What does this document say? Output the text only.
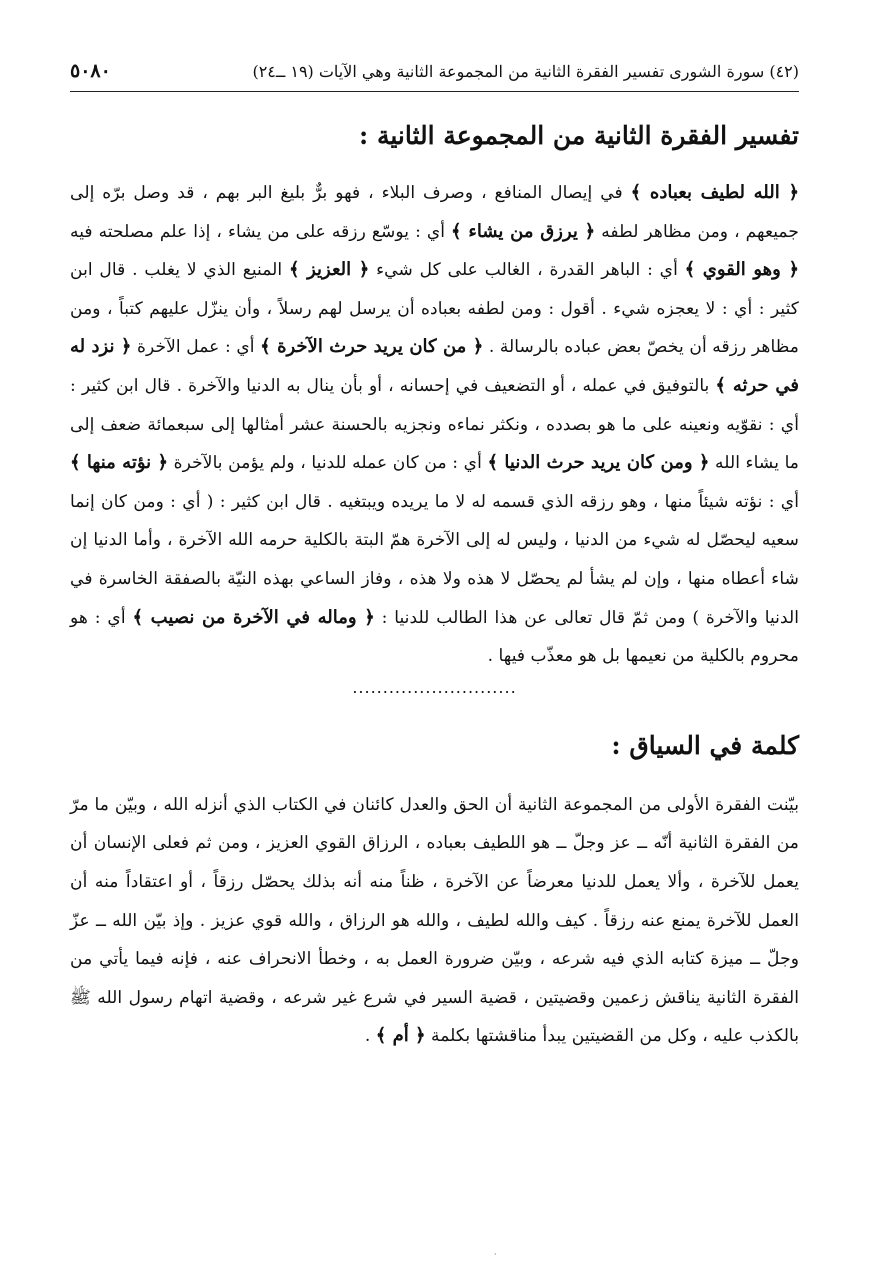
(٤٢) سورة الشورى تفسير الفقرة الثانية من المجموعة الثانية وهي الآيات (١٩ ــ٢٤)
٥٠٨٠
تفسير الفقرة الثانية من المجموعة الثانية :

﴿ الله لطيف بعباده ﴾ في إيصال المنافع ، وصرف البلاء ، فهو برٌّ بليغ البر بهم ، قد وصل برّه إلى جميعهم ، ومن مظاهر لطفه ﴿ يرزق من يشاء ﴾ أي : يوسّع رزقه على من يشاء ، إذا علم مصلحته فيه ﴿ وهو القوي ﴾ أي : الباهر القدرة ، الغالب على كل شيء ﴿ العزيز ﴾ المنيع الذي لا يغلب . قال ابن كثير : أي : لا يعجزه شيء . أقول : ومن لطفه بعباده أن يرسل لهم رسلاً ، وأن ينزّل عليهم كتباً ، ومن مظاهر رزقه أن يخصّ بعض عباده بالرسالة . ﴿ من كان يريد حرث الآخرة ﴾ أي : عمل الآخرة ﴿ نزد له في حرثه ﴾ بالتوفيق في عمله ، أو التضعيف في إحسانه ، أو بأن ينال به الدنيا والآخرة . قال ابن كثير : أي : نقوّيه ونعينه على ما هو بصدده ، ونكثر نماءه ونجزيه بالحسنة عشر أمثالها إلى سبعمائة ضعف إلى ما يشاء الله ﴿ ومن كان يريد حرث الدنيا ﴾ أي : من كان عمله للدنيا ، ولم يؤمن بالآخرة ﴿ نؤته منها ﴾ أي : نؤته شيئاً منها ، وهو رزقه الذي قسمه له لا ما يريده ويبتغيه . قال ابن كثير : ( أي : ومن كان إنما سعيه ليحصّل له شيء من الدنيا ، وليس له إلى الآخرة همّ البتة بالكلية حرمه الله الآخرة ، وأما الدنيا إن شاء أعطاه منها ، وإن لم يشأ لم يحصّل لا هذه ولا هذه ، وفاز الساعي بهذه النيّة بالصفقة الخاسرة في الدنيا والآخرة ) ومن ثمّ قال تعالى عن هذا الطالب للدنيا : ﴿ وماله في الآخرة من نصيب ﴾ أي : هو محروم بالكلية من نعيمها بل هو معذّب فيها .

...........................
كلمة في السياق :

بيّنت الفقرة الأولى من المجموعة الثانية أن الحق والعدل كائنان في الكتاب الذي أنزله الله ، وبيّن ما مرّ من الفقرة الثانية أنّه ــ عز وجلّ ــ هو اللطيف بعباده ، الرزاق القوي العزيز ، ومن ثم فعلى الإنسان أن يعمل للآخرة ، وألا يعمل للدنيا معرضاً عن الآخرة ، ظناً منه أنه بذلك يحصّل رزقاً ، أو اعتقاداً منه أن العمل للآخرة يمنع عنه رزقاً . كيف والله لطيف ، والله هو الرزاق ، والله قوي عزيز . وإذ بيّن الله ــ عزّ وجلّ ــ ميزة كتابه الذي فيه شرعه ، وبيّن ضرورة العمل به ، وخطأ الانحراف عنه ، فإنه فيما يأتي من الفقرة الثانية يناقش زعمين وقضيتين ، قضية السير في شرع غير شرعه ، وقضية اتهام رسول الله ﷺ بالكذب عليه ، وكل من القضيتين يبدأ مناقشتها بكلمة ﴿ أم ﴾ .

·
